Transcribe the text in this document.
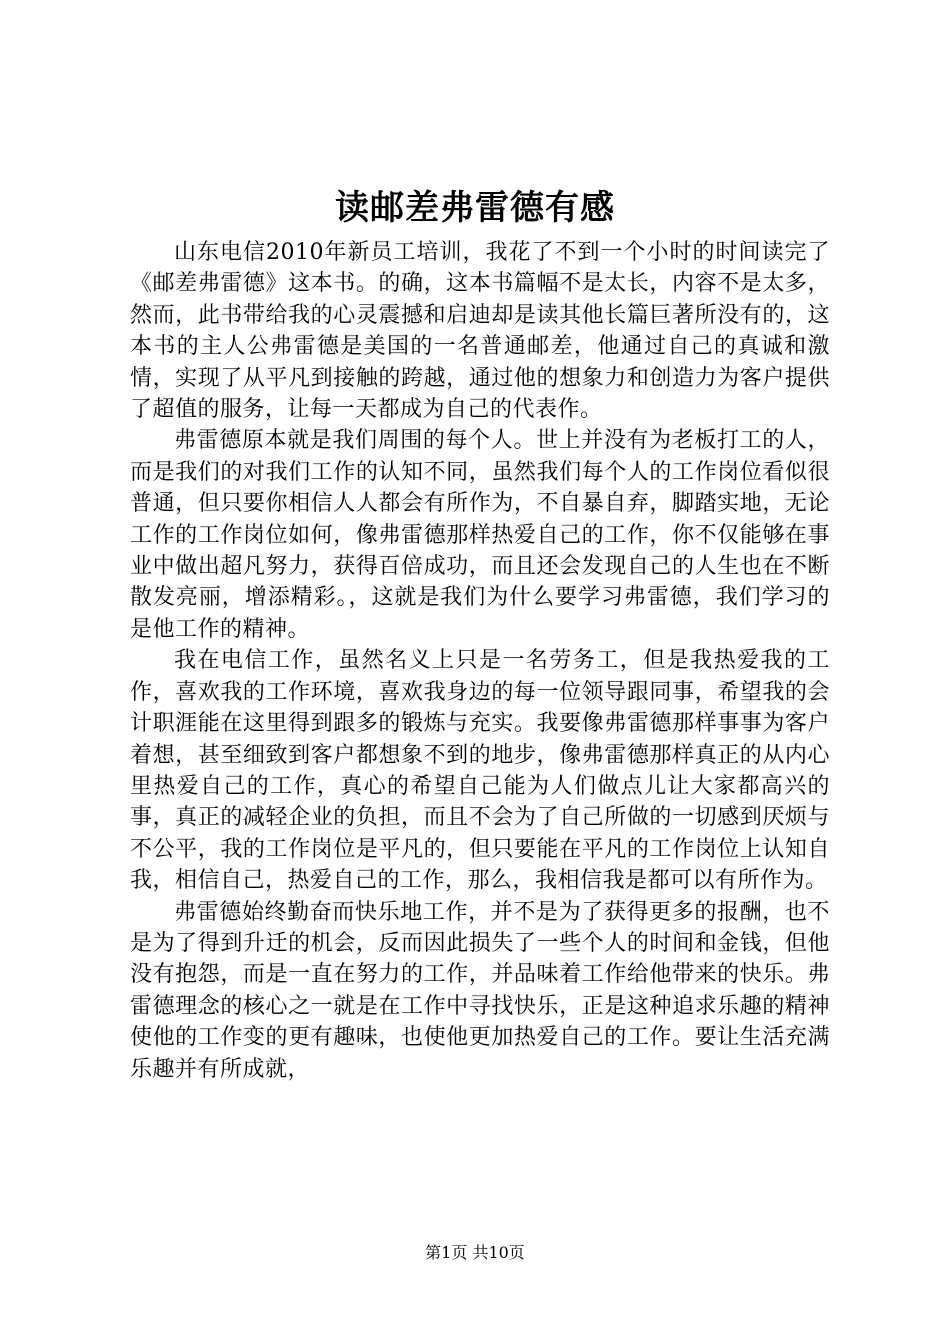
读邮差弗雷德有感

山东电信2010年新员工培训，我花了不到一个小时的时间读完了《邮差弗雷德》这本书。的确，这本书篇幅不是太长，内容不是太多，然而，此书带给我的心灵震撼和启迪却是读其他长篇巨著所没有的，这本书的主人公弗雷德是美国的一名普通邮差，他通过自己的真诚和激情，实现了从平凡到接触的跨越，通过他的想象力和创造力为客户提供了超值的服务，让每一天都成为自己的代表作。

弗雷德原本就是我们周围的每个人。世上并没有为老板打工的人，而是我们的对我们工作的认知不同，虽然我们每个人的工作岗位看似很普通，但只要你相信人人都会有所作为，不自暴自弃，脚踏实地，无论工作的工作岗位如何，像弗雷德那样热爱自己的工作，你不仅能够在事业中做出超凡努力，获得百倍成功，而且还会发现自己的人生也在不断散发亮丽，增添精彩。，这就是我们为什么要学习弗雷德，我们学习的是他工作的精神。

我在电信工作，虽然名义上只是一名劳务工，但是我热爱我的工作，喜欢我的工作环境，喜欢我身边的每一位领导跟同事，希望我的会计职涯能在这里得到跟多的锻炼与充实。我要像弗雷德那样事事为客户着想，甚至细致到客户都想象不到的地步，像弗雷德那样真正的从内心里热爱自己的工作，真心的希望自己能为人们做点儿让大家都高兴的事，真正的减轻企业的负担，而且不会为了自己所做的一切感到厌烦与不公平，我的工作岗位是平凡的，但只要能在平凡的工作岗位上认知自我，相信自己，热爱自己的工作，那么，我相信我是都可以有所作为。

弗雷德始终勤奋而快乐地工作，并不是为了获得更多的报酬，也不是为了得到升迁的机会，反而因此损失了一些个人的时间和金钱，但他没有抱怨，而是一直在努力的工作，并品味着工作给他带来的快乐。弗雷德理念的核心之一就是在工作中寻找快乐，正是这种追求乐趣的精神使他的工作变的更有趣味，也使他更加热爱自己的工作。要让生活充满乐趣并有所成就，

第1页 共10页
